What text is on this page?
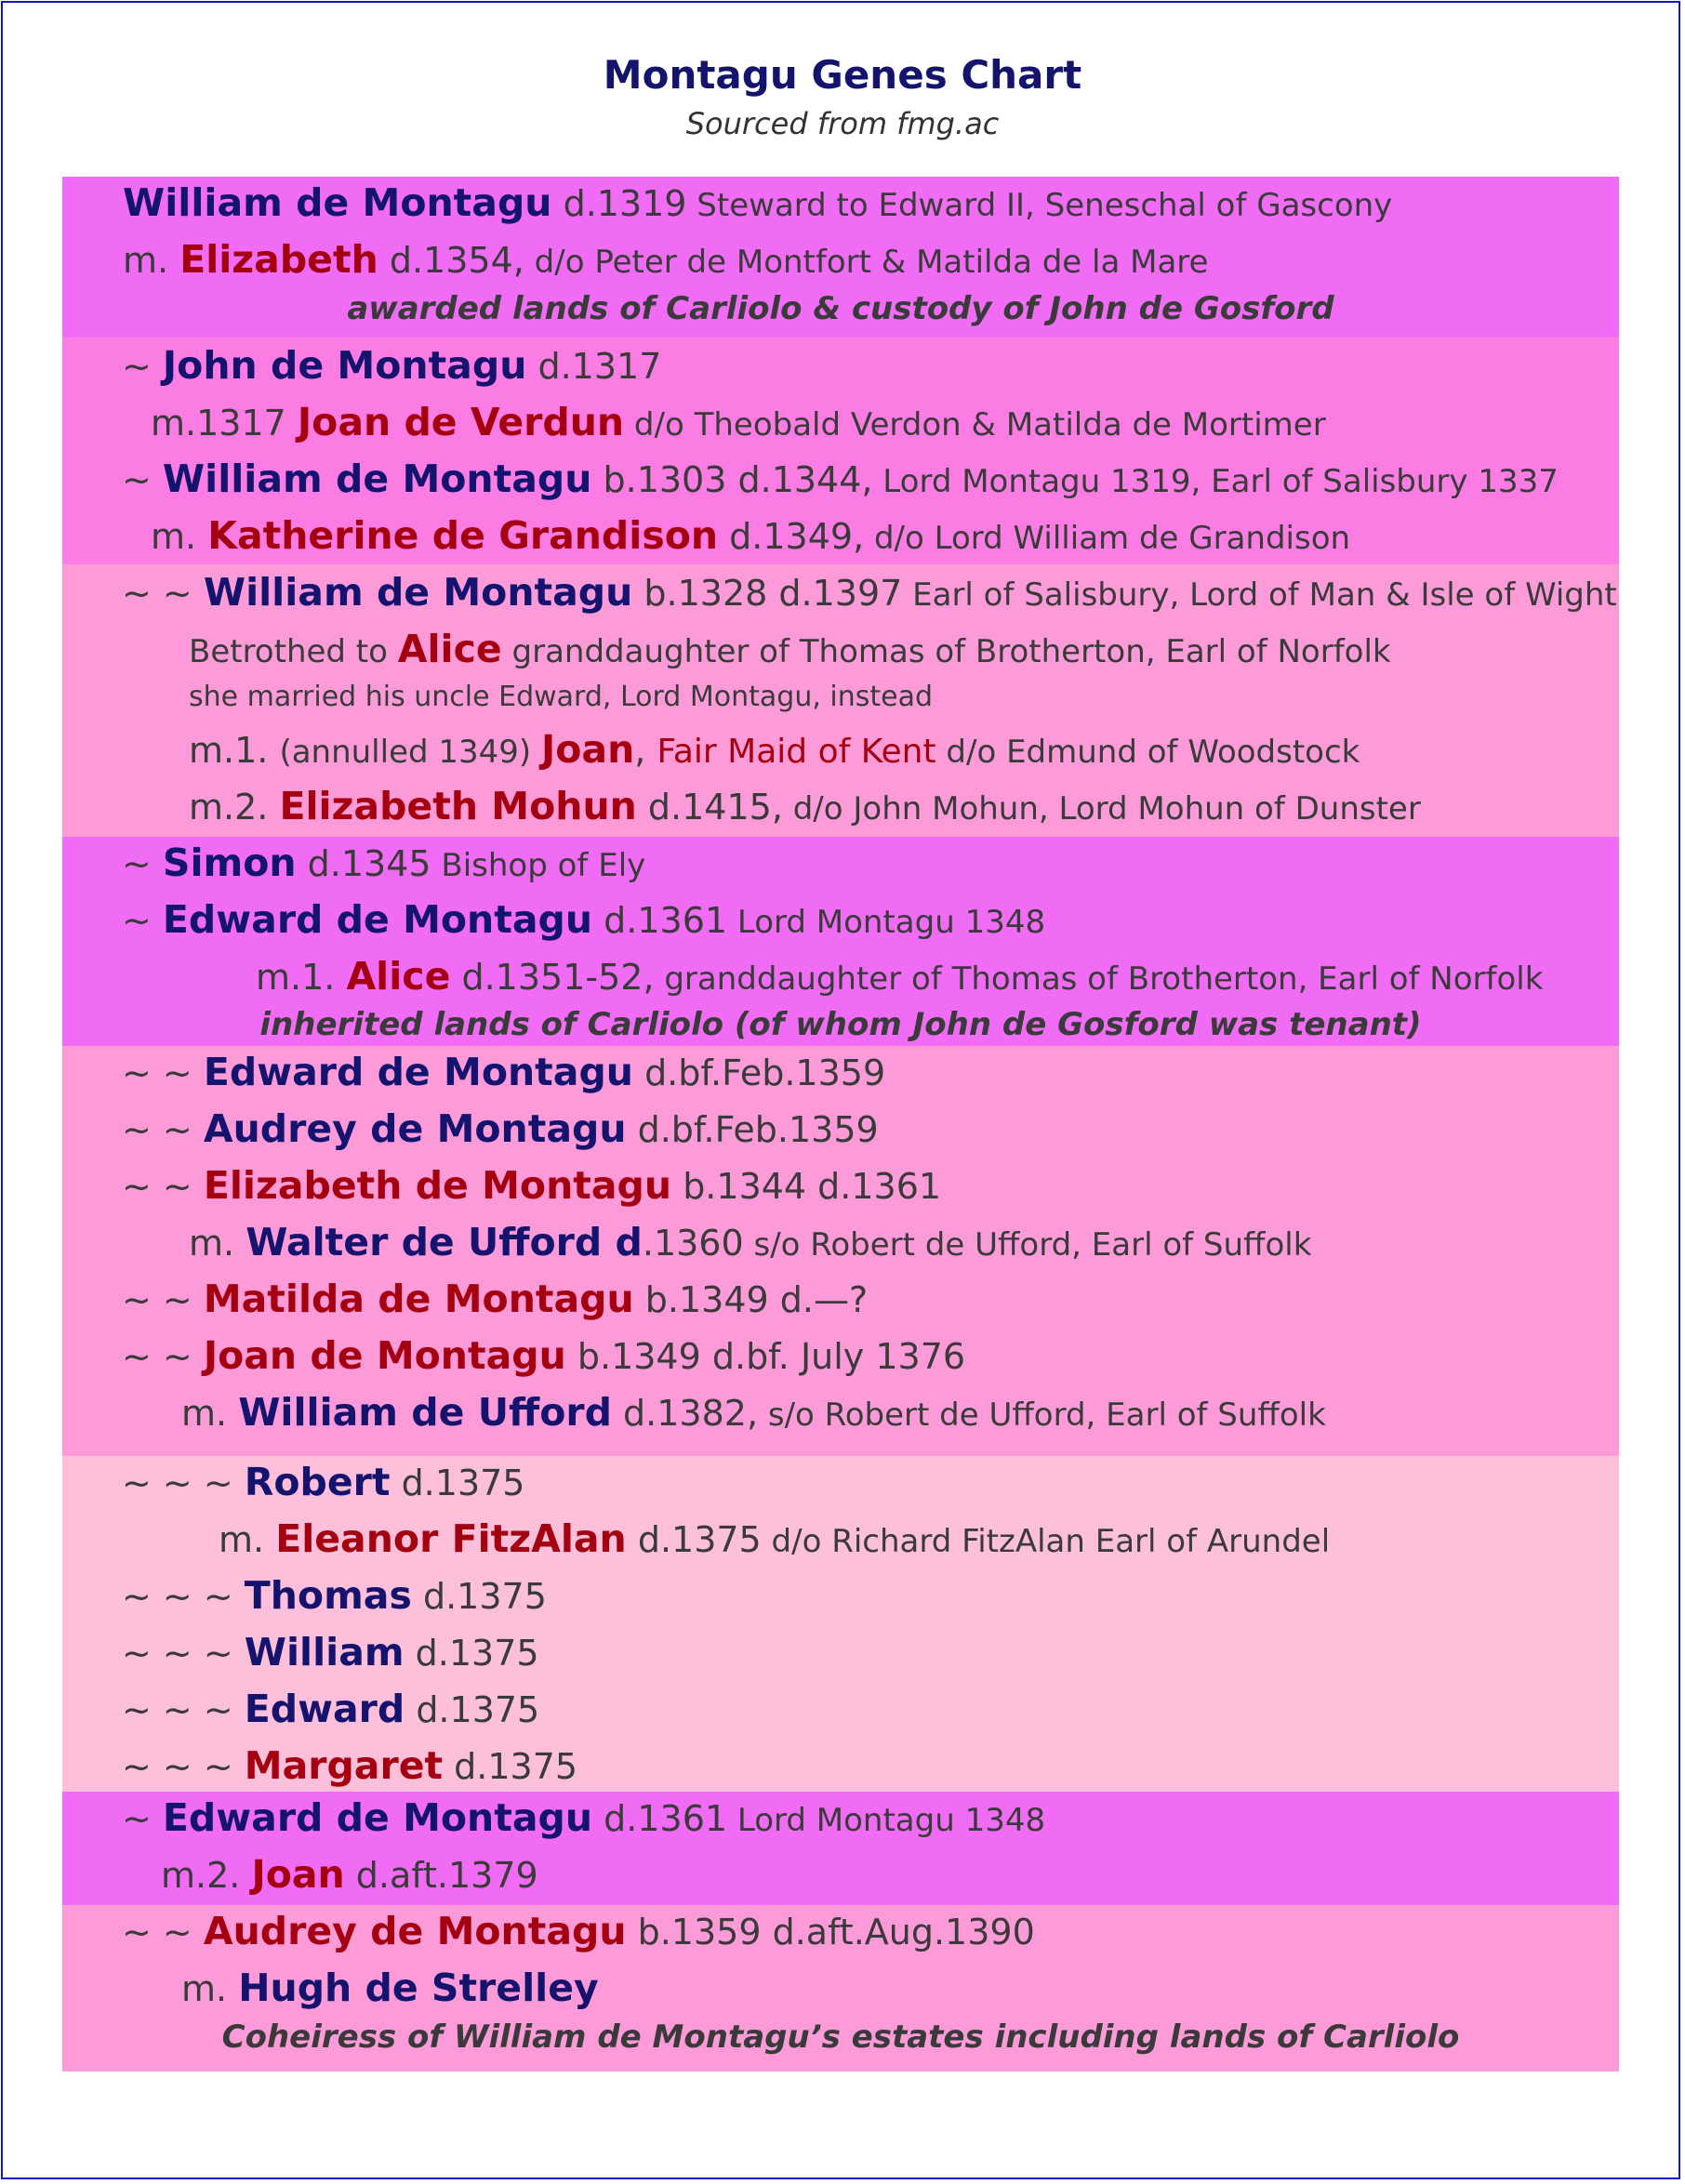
Montagu Genes Chart
Sourced from fmg.ac
William de Montagu d.1319 Steward to Edward II, Seneschal of Gascony
m. Elizabeth d.1354, d/o Peter de Montfort & Matilda de la Mare
awarded lands of Carliolo & custody of John de Gosford
~ John de Montagu d.1317
m.1317 Joan de Verdun d/o Theobald Verdon & Matilda de Mortimer
~ William de Montagu b.1303 d.1344, Lord Montagu 1319, Earl of Salisbury 1337
m. Katherine de Grandison d.1349, d/o Lord William de Grandison
~ ~ William de Montagu b.1328 d.1397 Earl of Salisbury, Lord of Man & Isle of Wight
Betrothed to Alice granddaughter of Thomas of Brotherton, Earl of Norfolk
she married his uncle Edward, Lord Montagu, instead
m.1. (annulled 1349) Joan, Fair Maid of Kent d/o Edmund of Woodstock
m.2. Elizabeth Mohun d.1415, d/o John Mohun, Lord Mohun of Dunster
~ Simon d.1345 Bishop of Ely
~ Edward de Montagu d.1361 Lord Montagu 1348
m.1. Alice d.1351-52, granddaughter of Thomas of Brotherton, Earl of Norfolk
inherited lands of Carliolo (of whom John de Gosford was tenant)
~ ~ Edward de Montagu d.bf.Feb.1359
~ ~ Audrey de Montagu d.bf.Feb.1359
~ ~ Elizabeth de Montagu b.1344 d.1361
m. Walter de Ufford d.1360 s/o Robert de Ufford, Earl of Suffolk
~ ~ Matilda de Montagu b.1349 d.—?
~ ~ Joan de Montagu b.1349 d.bf. July 1376
m. William de Ufford d.1382, s/o Robert de Ufford, Earl of Suffolk
~ ~ ~ Robert d.1375
m. Eleanor FitzAlan d.1375 d/o Richard FitzAlan Earl of Arundel
~ ~ ~ Thomas d.1375
~ ~ ~ William d.1375
~ ~ ~ Edward d.1375
~ ~ ~ Margaret d.1375
~ Edward de Montagu d.1361 Lord Montagu 1348
m.2. Joan d.aft.1379
~ ~ Audrey de Montagu b.1359 d.aft.Aug.1390
m. Hugh de Strelley
Coheiress of William de Montagu’s estates including lands of Carliolo
